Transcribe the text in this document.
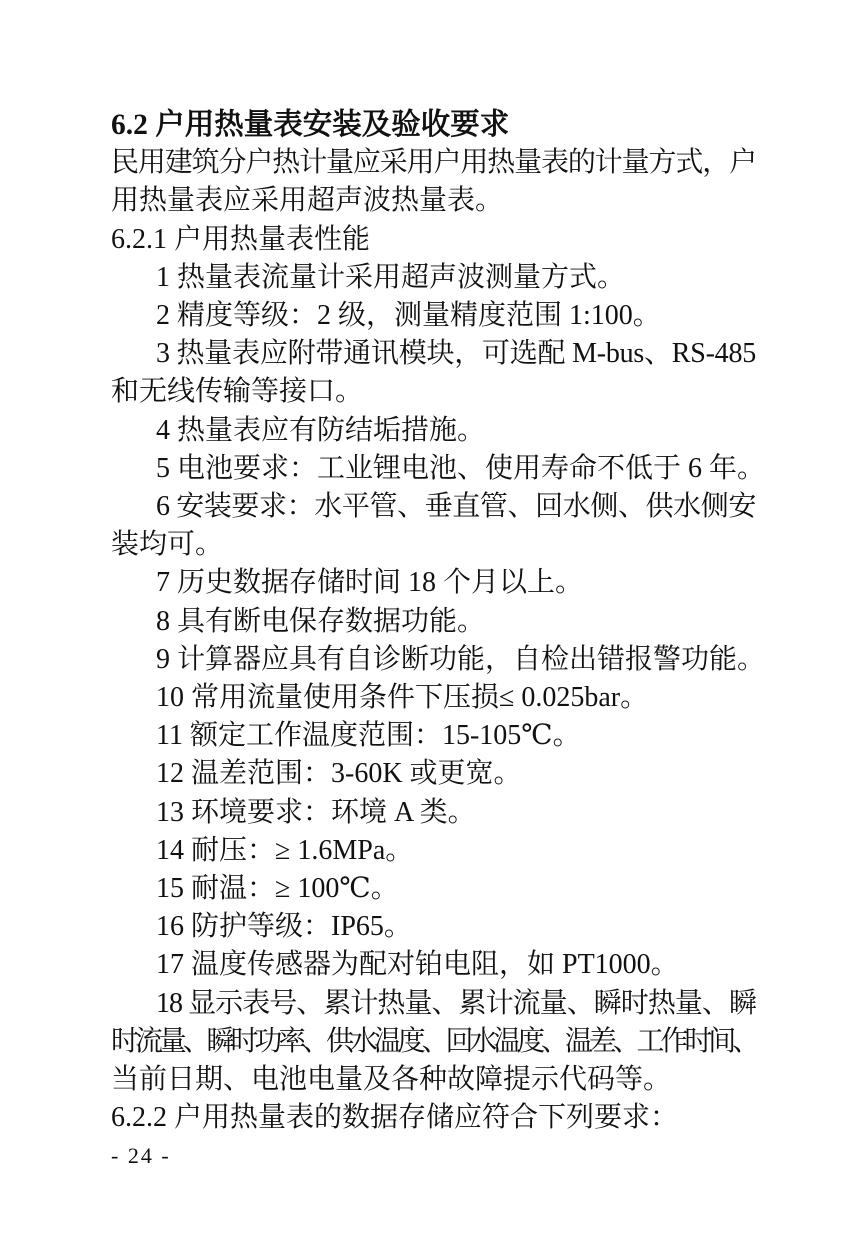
6.2 户用热量表安装及验收要求
民用建筑分户热计量应采用户用热量表的计量方式，户
用热量表应采用超声波热量表。
6.2.1 户用热量表性能
1 热量表流量计采用超声波测量方式。
2 精度等级：2 级，测量精度范围 1:100。
3 热量表应附带通讯模块，可选配 M-bus、RS-485
和无线传输等接口。
4 热量表应有防结垢措施。
5 电池要求：工业锂电池、使用寿命不低于 6 年。
6 安装要求：水平管、垂直管、回水侧、供水侧安
装均可。
7 历史数据存储时间 18 个月以上。
8 具有断电保存数据功能。
9 计算器应具有自诊断功能，自检出错报警功能。
10 常用流量使用条件下压损≤ 0.025bar。
11 额定工作温度范围：15-105℃。
12 温差范围：3-60K 或更宽。
13 环境要求：环境 A 类。
14 耐压：≥ 1.6MPa。
15 耐温：≥ 100℃。
16 防护等级：IP65。
17 温度传感器为配对铂电阻，如 PT1000。
18 显示表号、累计热量、累计流量、瞬时热量、瞬
时流量、瞬时功率、供水温度、回水温度、温差、工作时间、
当前日期、电池电量及各种故障提示代码等。
6.2.2 户用热量表的数据存储应符合下列要求：
- 24 -
